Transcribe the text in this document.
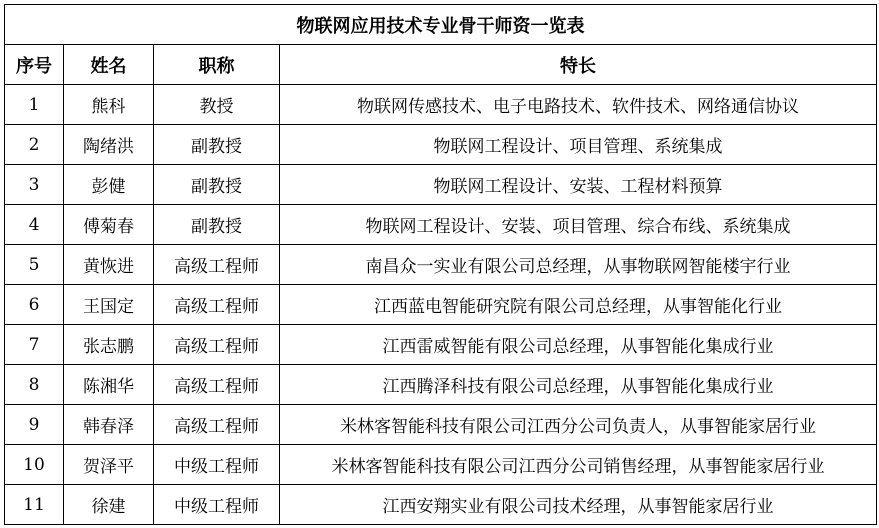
物联网应用技术专业骨干师资一览表			
序号	姓名	职称	特长
1	熊科	教授	物联网传感技术、电子电路技术、软件技术、网络通信协议
2	陶绪洪	副教授	物联网工程设计、项目管理、系统集成
3	彭健	副教授	物联网工程设计、安装、工程材料预算
4	傅菊春	副教授	物联网工程设计、安装、项目管理、综合布线、系统集成
5	黄恢进	高级工程师	南昌众一实业有限公司总经理，从事物联网智能楼宇行业
6	王国定	高级工程师	江西蓝电智能研究院有限公司总经理，从事智能化行业
7	张志鹏	高级工程师	江西雷威智能有限公司总经理，从事智能化集成行业
8	陈湘华	高级工程师	江西腾泽科技有限公司总经理，从事智能化集成行业
9	韩春泽	高级工程师	米林客智能科技有限公司江西分公司负责人，从事智能家居行业
10	贺泽平	中级工程师	米林客智能科技有限公司江西分公司销售经理，从事智能家居行业
11	徐建	中级工程师	江西安翔实业有限公司技术经理，从事智能家居行业
